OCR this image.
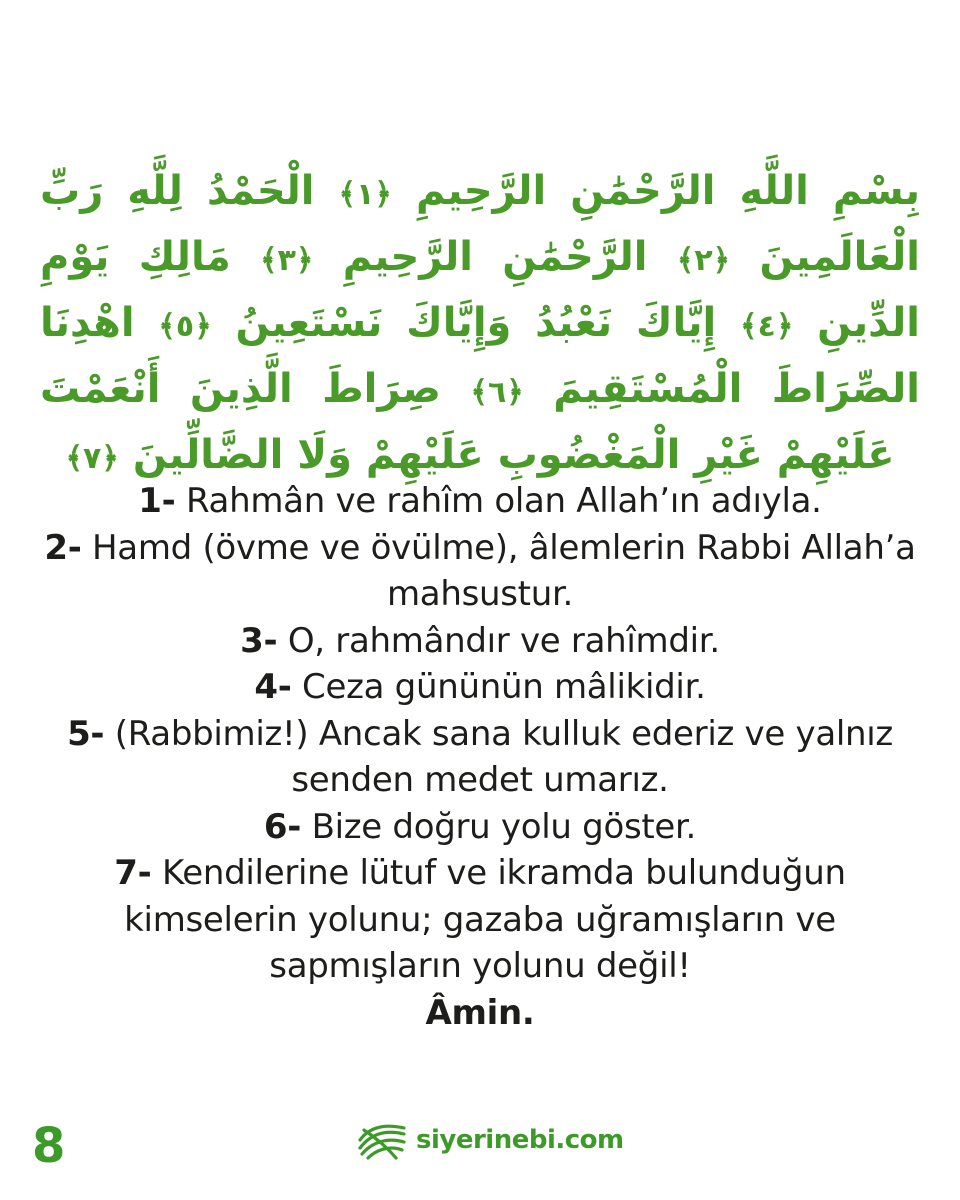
بِسْمِ اللَّهِ الرَّحْمَٰنِ الرَّحِيمِ ﴿١﴾ الْحَمْدُ لِلَّهِ رَبِّ الْعَالَمِينَ ﴿٢﴾ الرَّحْمَٰنِ الرَّحِيمِ ﴿٣﴾ مَالِكِ يَوْمِ الدِّينِ ﴿٤﴾ إِيَّاكَ نَعْبُدُ وَإِيَّاكَ نَسْتَعِينُ ﴿٥﴾ اهْدِنَا الصِّرَاطَ الْمُسْتَقِيمَ ﴿٦﴾ صِرَاطَ الَّذِينَ أَنْعَمْتَ عَلَيْهِمْ غَيْرِ الْمَغْضُوبِ عَلَيْهِمْ وَلَا الضَّالِّينَ ﴿٧﴾

1- Rahmân ve rahîm olan Allah’ın adıyla.

2- Hamd (övme ve övülme), âlemlerin Rabbi Allah’a mahsustur.

3- O, rahmândır ve rahîmdir.

4- Ceza gününün mâlikidir.

5- (Rabbimiz!) Ancak sana kulluk ederiz ve yalnız senden medet umarız.

6- Bize doğru yolu göster.

7- Kendilerine lütuf ve ikramda bulunduğun kimselerin yolunu; gazaba uğramışların ve sapmışların yolunu değil!

Âmin.

8	siyerinebi.com
